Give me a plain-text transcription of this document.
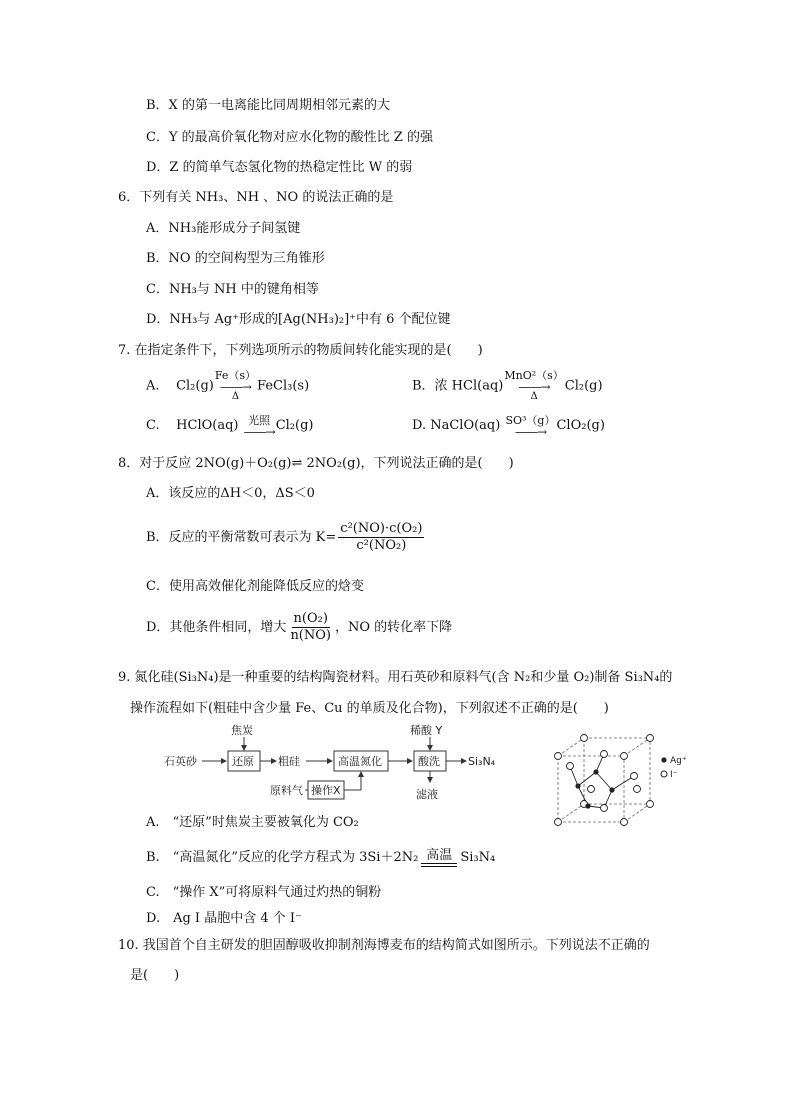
B．X 的第一电离能比同周期相邻元素的大
C．Y 的最高价氧化物对应水化物的酸性比 Z 的强
D．Z 的简单气态氢化物的热稳定性比 W 的弱
6．下列有关 NH₃、NH 、NO 的说法正确的是
A．NH₃能形成分子间氢键
B．NO 的空间构型为三角锥形
C．NH₃与 NH 中的键角相等
D．NH₃与 Ag⁺形成的[Ag(NH₃)₂]⁺中有 6 个配位键
7. 在指定条件下，下列选项所示的物质间转化能实现的是(　　)
A. Cl₂(g)
Fe（s）
——→
Δ
FeCl₃(s)	B．浓 HCl(aq)
MnO²（s）
——→
Δ
Cl₂(g)
C. HClO(aq) 光照
——→ Cl₂(g)	D. NaClO(aq) SO³（g）
——→ ClO₂(g)
8．对于反应 2NO(g)＋O₂(g)⇌ 2NO₂(g)，下列说法正确的是(　　)
A．该反应的ΔH＜0，ΔS＜0
B．反应的平衡常数可表示为 $K= \frac{\text{c²(NO)·c(O₂)}}{\text{c²(NO₂)}}$
C．使用高效催化剂能降低反应的焓变
D．其他条件相同，增大 $\frac{\text{n(O₂)}}{n(NO)}$ ，NO 的转化率下降
9. 氮化硅(Si₃N₄)是一种重要的结构陶瓷材料。用石英砂和原料气(含 N₂和少量 O₂)制备 Si₃N₄的
操作流程如下(粗硅中含少量 Fe、Cu 的单质及化合物)，下列叙述不正确的是(　　)
石英砂	还原
焦炭
粗硅	高温氮化	酸洗
稀酸 Y
Si₃N₄
滤液
原料气 操作X
Ag⁺
I⁻
A.　“还原”时焦炭主要被氧化为 CO₂
B.　“高温氮化”反应的化学方程式为 3Si＋2N₂ 高温 Si₃N₄
C.　“操作 X”可将原料气通过灼热的铜粉
D.　Ag I 晶胞中含 4 个 I⁻
10. 我国首个自主研发的胆固醇吸收抑制剂海博麦布的结构简式如图所示。下列说法不正确的
是(　　)
